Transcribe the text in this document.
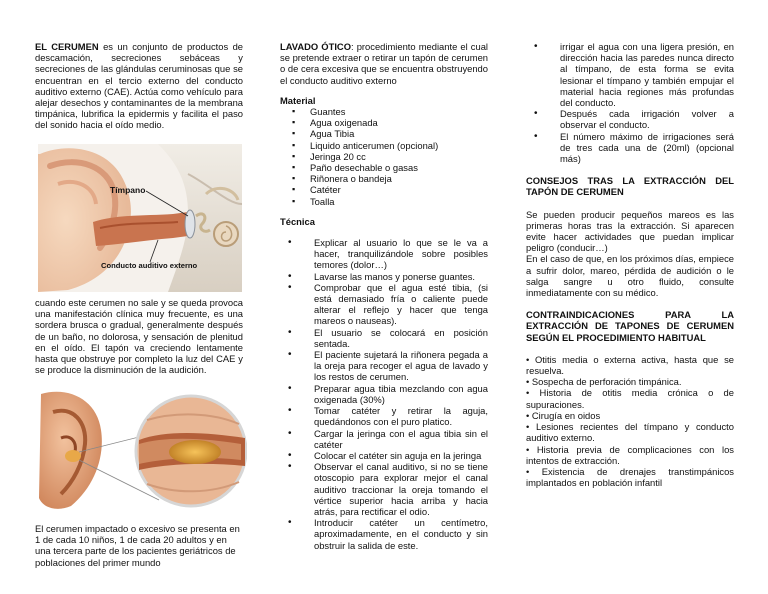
EL CERUMEN es un conjunto de productos de descamación, secreciones sebáceas y secreciones de las glándulas ceruminosas que se encuentran en el tercio externo del conducto auditivo externo (CAE). Actúa como vehículo para alejar desechos y contaminantes de la membrana timpánica, lubrifica la epidermis y facilita el paso del sonido hacia el oído medio.

Tímpano
Conducto auditivo externo

cuando este cerumen no sale y se queda provoca una manifestación clínica muy frecuente, es una sordera brusca o gradual, generalmente después de un baño, no dolorosa, y sensación de plenitud en el oído. El tapón va creciendo lentamente hasta que obstruye por completo la luz del CAE y se produce la disminución de la audición.

El cerumen impactado o excesivo se presenta en 1 de cada 10 niños, 1 de cada 20 adultos y en una tercera parte de los pacientes geriátricos de poblaciones del primer mundo

LAVADO ÓTICO: procedimiento mediante el cual se pretende extraer o retirar un tapón de cerumen o de cera excesiva que se encuentra obstruyendo el conducto auditivo externo

Material

▪ Guantes
▪ Agua oxigenada
▪ Agua Tibia
▪ Liquido anticerumen (opcional)
▪ Jeringa 20 cc
▪ Paño desechable o gasas
▪ Riñonera o bandeja
▪ Catéter
▪ Toalla

Técnica

• Explicar al usuario lo que se le va a hacer, tranquilizándole sobre posibles temores (dolor…)
• Lavarse las manos y ponerse guantes.
• Comprobar que el agua esté tibia, (si está demasiado fría o caliente puede alterar el reflejo y hacer que tenga mareos o nauseas).
• El usuario se colocará en posición sentada.
• El paciente sujetará la riñonera pegada a la oreja para recoger el agua de lavado y los restos de cerumen.
• Preparar agua tibia mezclando con agua oxigenada (30%)
• Tomar catéter y retirar la aguja, quedándonos con el puro platico.
• Cargar la jeringa con el agua tibia sin el catéter
• Colocar el catéter sin aguja en la jeringa
• Observar el canal auditivo, si no se tiene otoscopio para explorar mejor el canal auditivo traccionar la oreja tomando el vértice superior hacia arriba y hacia atrás, para rectificar el odio.
• Introducir catéter un centímetro, aproximadamente, en el conducto y sin obstruir la salida de este.
• irrigar el agua con una ligera presión, en dirección hacia las paredes nunca directo al tímpano, de esta forma se evita lesionar el tímpano y también empujar el material hacia regiones más profundas del conducto.
• Después cada irrigación volver a observar el conducto.
• El número máximo de irrigaciones será de tres cada una de (20ml) (opcional más)

CONSEJOS TRAS LA EXTRACCIÓN DEL TAPÓN DE CERUMEN

Se pueden producir pequeños mareos es las primeras horas tras la extracción. Si aparecen evite hacer actividades que puedan implicar peligro (conducir…)

En el caso de que, en los próximos días, empiece a sufrir dolor, mareo, pérdida de audición o le salga sangre u otro fluido, consulte inmediatamente con su médico.

CONTRAINDICACIONES PARA LA EXTRACCIÓN DE TAPONES DE CERUMEN SEGÚN EL PROCEDIMIENTO HABITUAL

• Otitis media o externa activa, hasta que se resuelva.

• Sospecha de perforación timpánica.

• Historia de otitis media crónica o de supuraciones.

• Cirugía en oidos

• Lesiones recientes del tímpano y conducto auditivo externo.

• Historia previa de complicaciones con los intentos de extracción.

• Existencia de drenajes transtimpánicos implantados en población infantil
